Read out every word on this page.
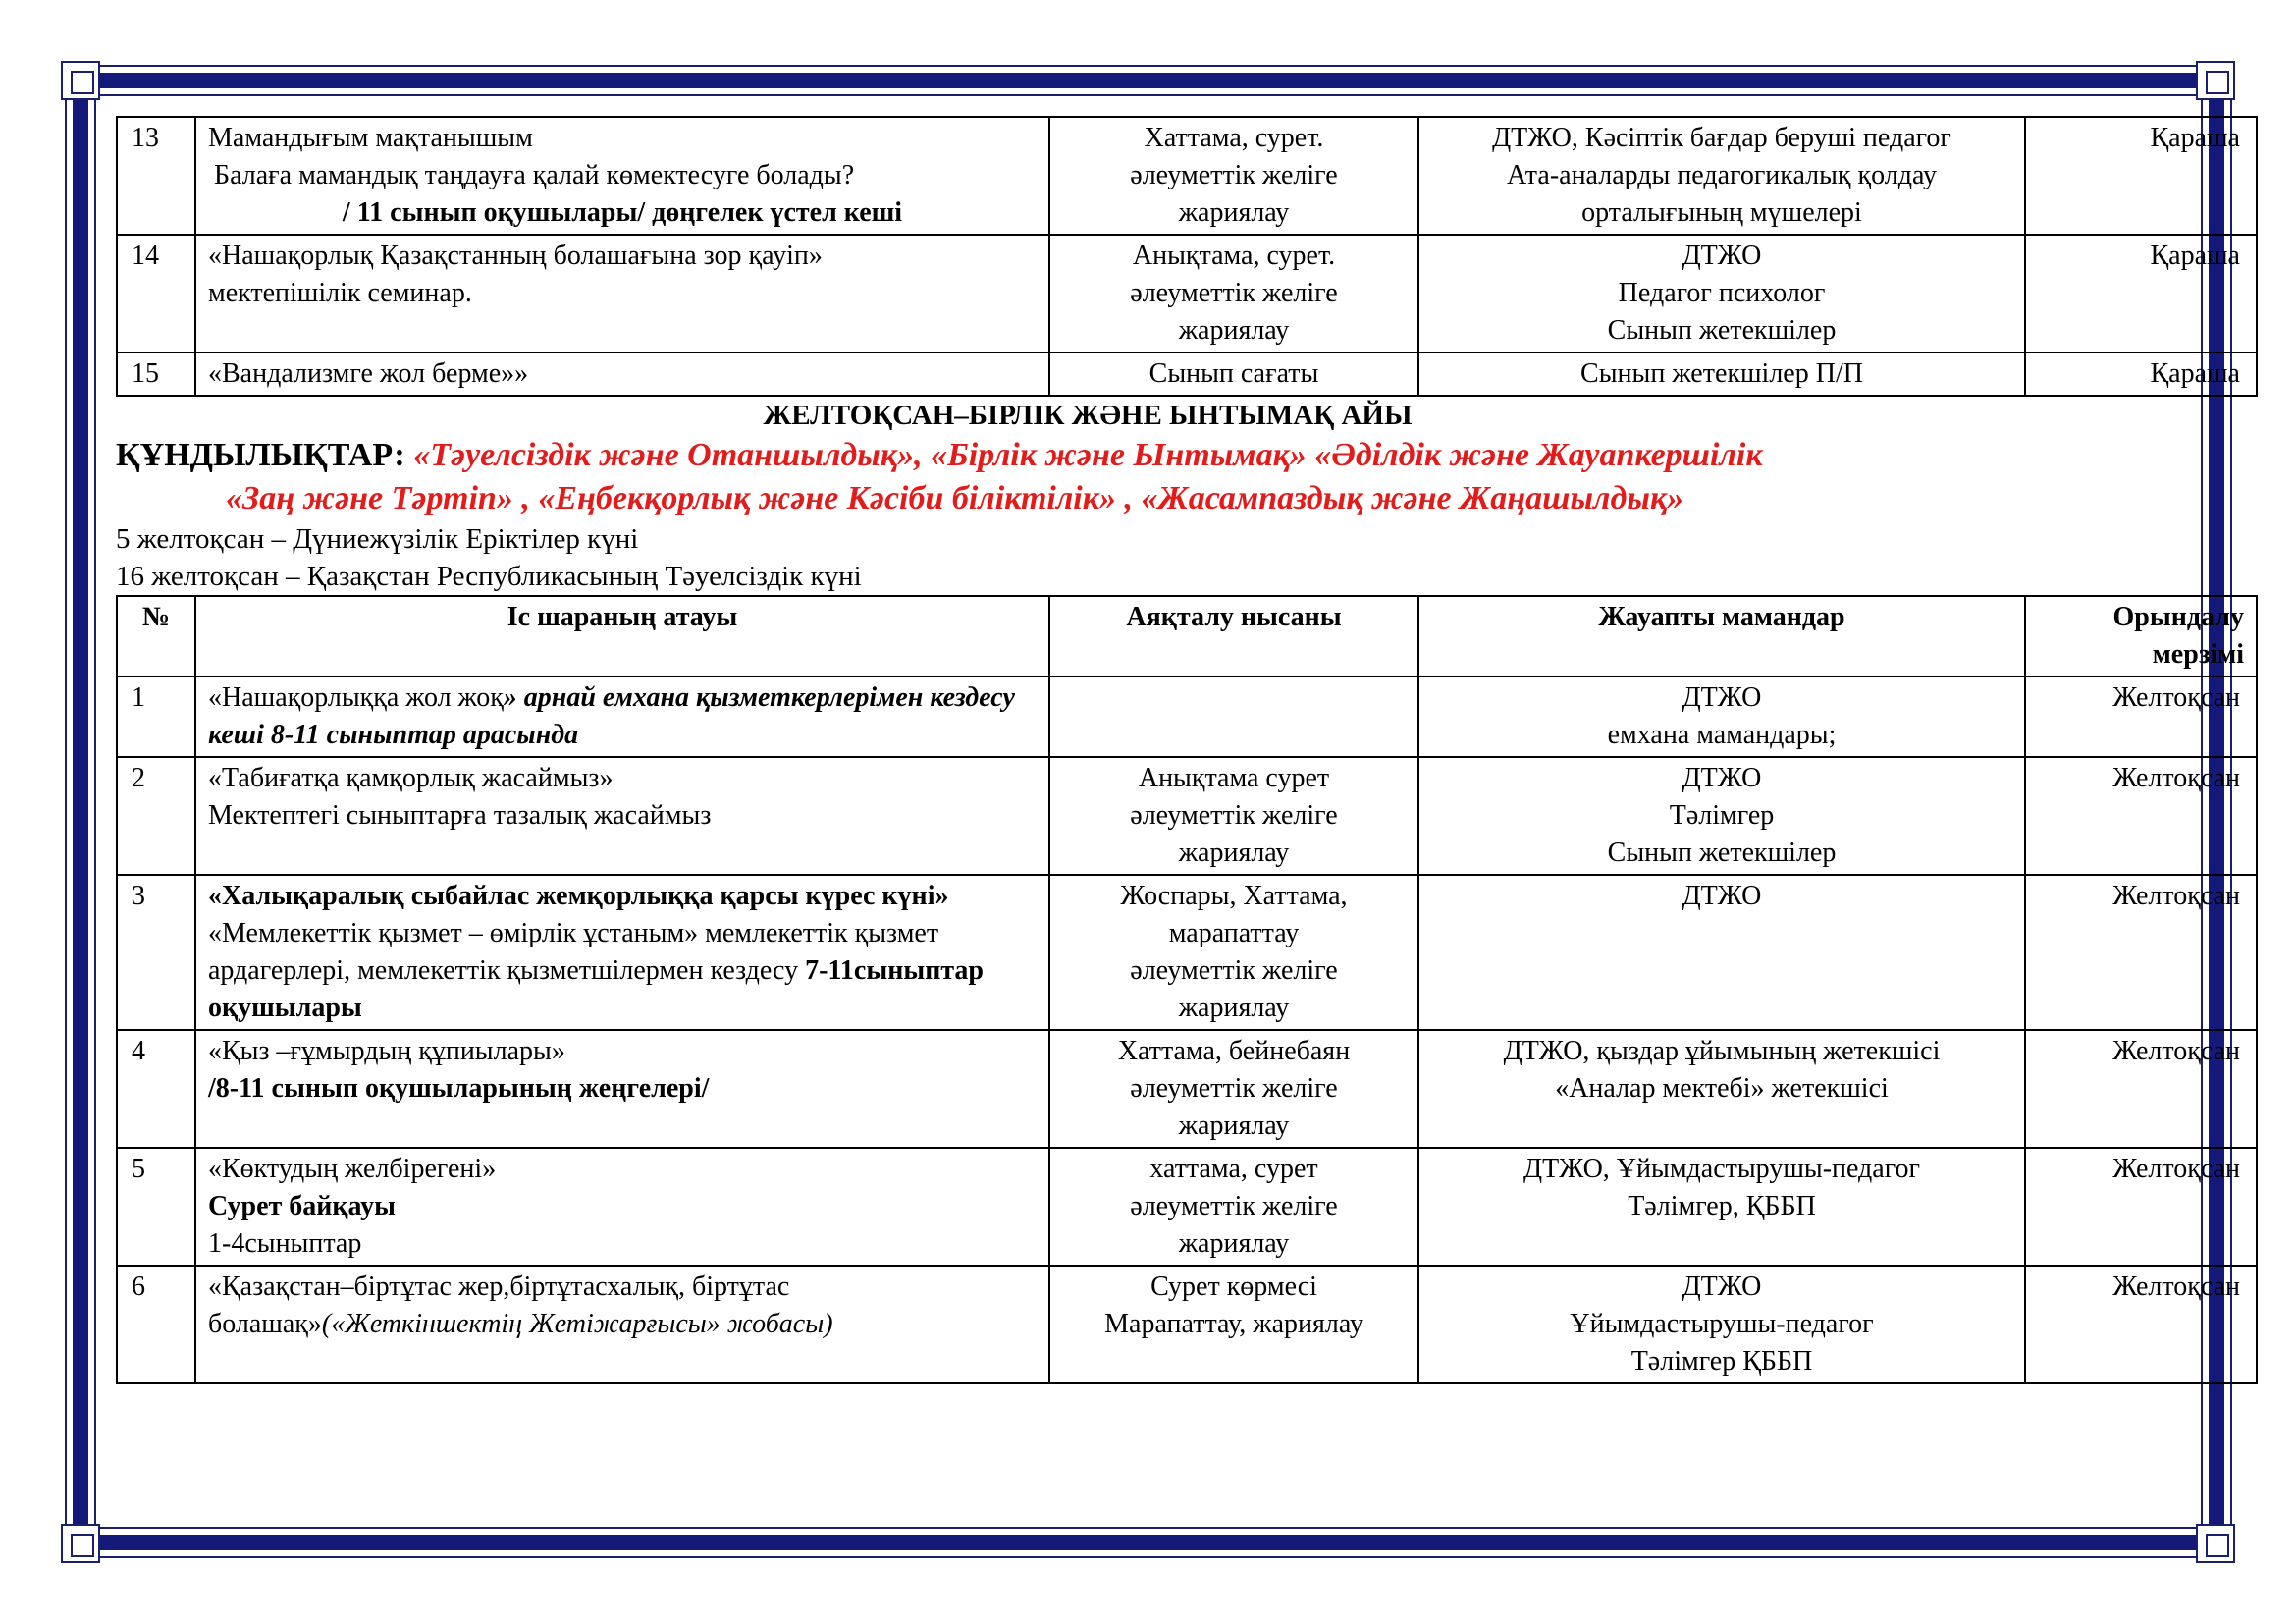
13	Мамандығым мақтанышым
Балаға мамандық таңдауға қалай көмектесуге болады?
/ 11 сынып оқушылары/ дөңгелек үстел кеші	Хаттама, сурет.
әлеуметтік желіге
жариялау	ДТЖО, Кәсіптік бағдар беруші педагог
Ата-аналарды педагогикалық қолдау
орталығының мүшелері	Қараша
14	«Нашақорлық Қазақстанның болашағына зор қауіп»
мектепішілік семинар.	Анықтама, сурет.
әлеуметтік желіге
жариялау	ДТЖО
Педагог психолог
Сынып жетекшілер	Қараша
15	«Вандализмге жол берме»»	Сынып сағаты	Сынып жетекшілер П/П	Қараша
ЖЕЛТОҚСАН–БІРЛІК ЖӘНЕ ЫНТЫМАҚ АЙЫ
ҚҰНДЫЛЫҚТАР: «Тәуелсіздік және Отаншылдық», «Бірлік және Ынтымақ» «Әділдік және Жауапкершілік
«Заң және Тәртіп» , «Еңбекқорлық және Кәсіби біліктілік» , «Жасампаздық және Жаңашылдық»
5 желтоқсан – Дүниежүзілік Еріктілер күні
16 желтоқсан – Қазақстан Республикасының Тәуелсіздік күні
№	Іс шараның атауы	Аяқталу нысаны	Жауапты мамандар	Орындалу
мерзімі
1	«Нашақорлыққа жол жоқ» арнай емхана қызметкерлерімен кездесу кеші 8-11 сыныптар арасында		ДТЖО
емхана мамандары;	Желтоқсан
2	«Табиғатқа қамқорлық жасаймыз»
Мектептегі сыныптарға тазалық жасаймыз	Анықтама сурет
әлеуметтік желіге
жариялау	ДТЖО
Тәлімгер
Сынып жетекшілер	Желтоқсан
3	«Халықаралық сыбайлас жемқорлыққа қарсы күрес күні» «Мемлекеттік қызмет – өмірлік ұстаным» мемлекеттік қызмет ардагерлері, мемлекеттік қызметшілермен кездесу 7-11сыныптар оқушылары	Жоспары, Хаттама,
марапаттау
әлеуметтік желіге
жариялау	ДТЖО	Желтоқсан
4	«Қыз –ғұмырдың құпиылары»
/8-11 сынып оқушыларының жеңгелері/	Хаттама, бейнебаян
әлеуметтік желіге
жариялау	ДТЖО, қыздар ұйымының жетекшісі
«Аналар мектебі» жетекшісі	Желтоқсан
5	«Көктудың желбірегені»
Сурет байқауы
1-4сыныптар	хаттама, сурет
әлеуметтік желіге
жариялау	ДТЖО, Ұйымдастырушы-педагог
Тәлімгер, ҚББП	Желтоқсан
6	«Қазақстан–біртұтас жер,біртұтасхалық, біртұтас болашақ»(«Жеткіншектің Жетіжарғысы» жобасы)	Сурет көрмесі
Марапаттау, жариялау	ДТЖО
Ұйымдастырушы-педагог
Тәлімгер ҚББП	Желтоқсан
